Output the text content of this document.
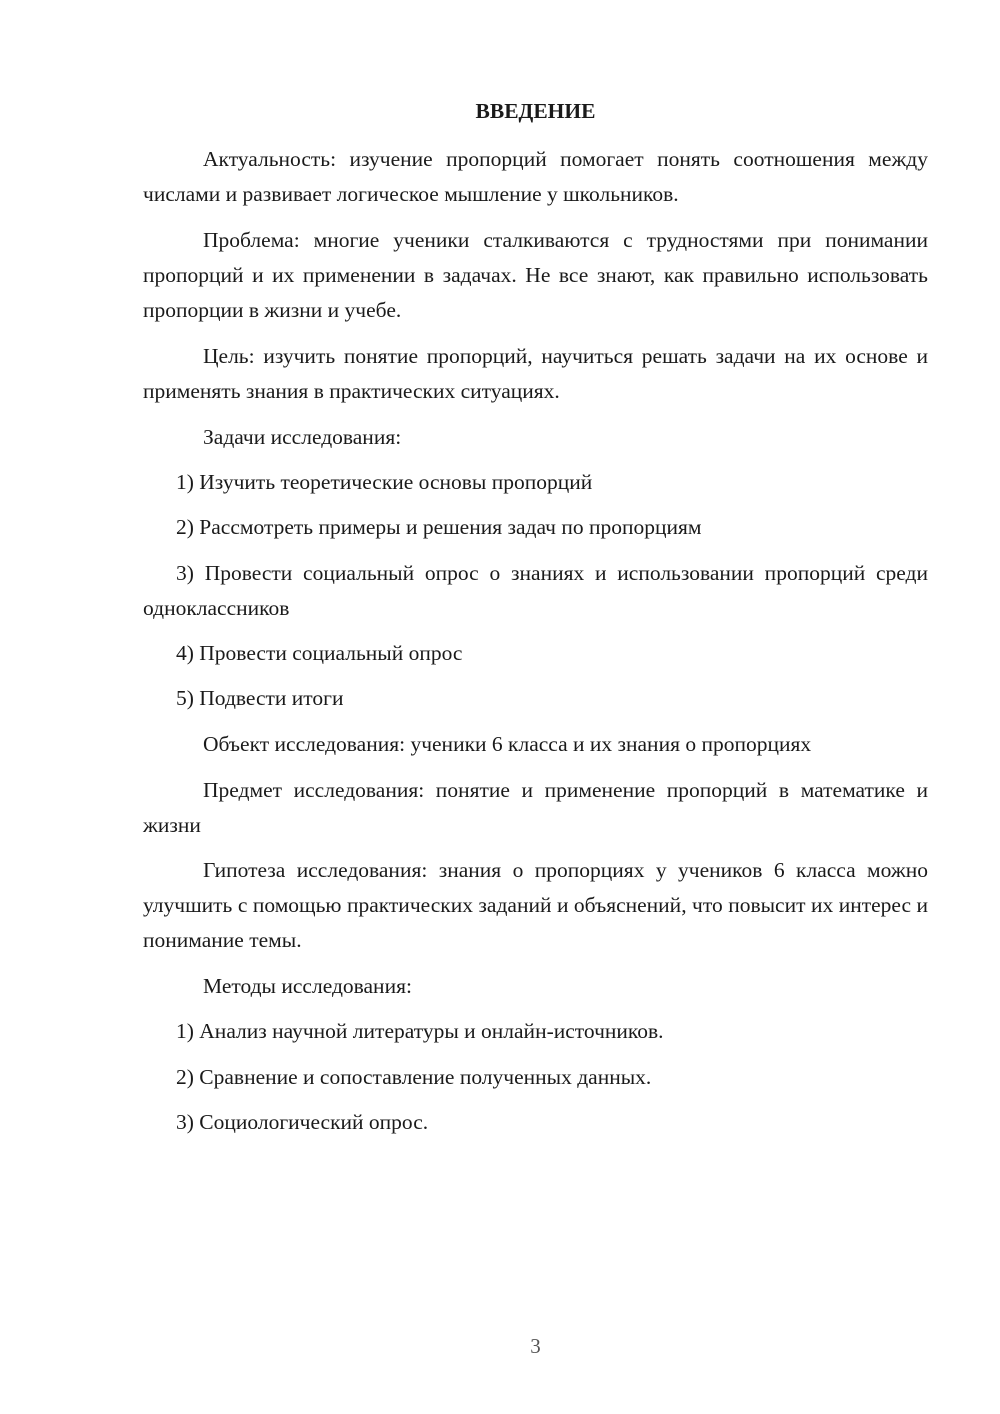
ВВЕДЕНИЕ

Актуальность: изучение пропорций помогает понять соотношения между числами и развивает логическое мышление у школьников.

Проблема: многие ученики сталкиваются с трудностями при понимании пропорций и их применении в задачах. Не все знают, как правильно использовать пропорции в жизни и учебе.

Цель: изучить понятие пропорций, научиться решать задачи на их основе и применять знания в практических ситуациях.

Задачи исследования:

1) Изучить теоретические основы пропорций

2) Рассмотреть примеры и решения задач по пропорциям

3) Провести социальный опрос о знаниях и использовании пропорций среди одноклассников

4) Провести социальный опрос

5) Подвести итоги

Объект исследования: ученики 6 класса и их знания о пропорциях

Предмет исследования: понятие и применение пропорций в математике и жизни

Гипотеза исследования: знания о пропорциях у учеников 6 класса можно улучшить с помощью практических заданий и объяснений, что повысит их интерес и понимание темы.

Методы исследования:

1) Анализ научной литературы и онлайн-источников.

2) Сравнение и сопоставление полученных данных.

3) Социологический опрос.

3
